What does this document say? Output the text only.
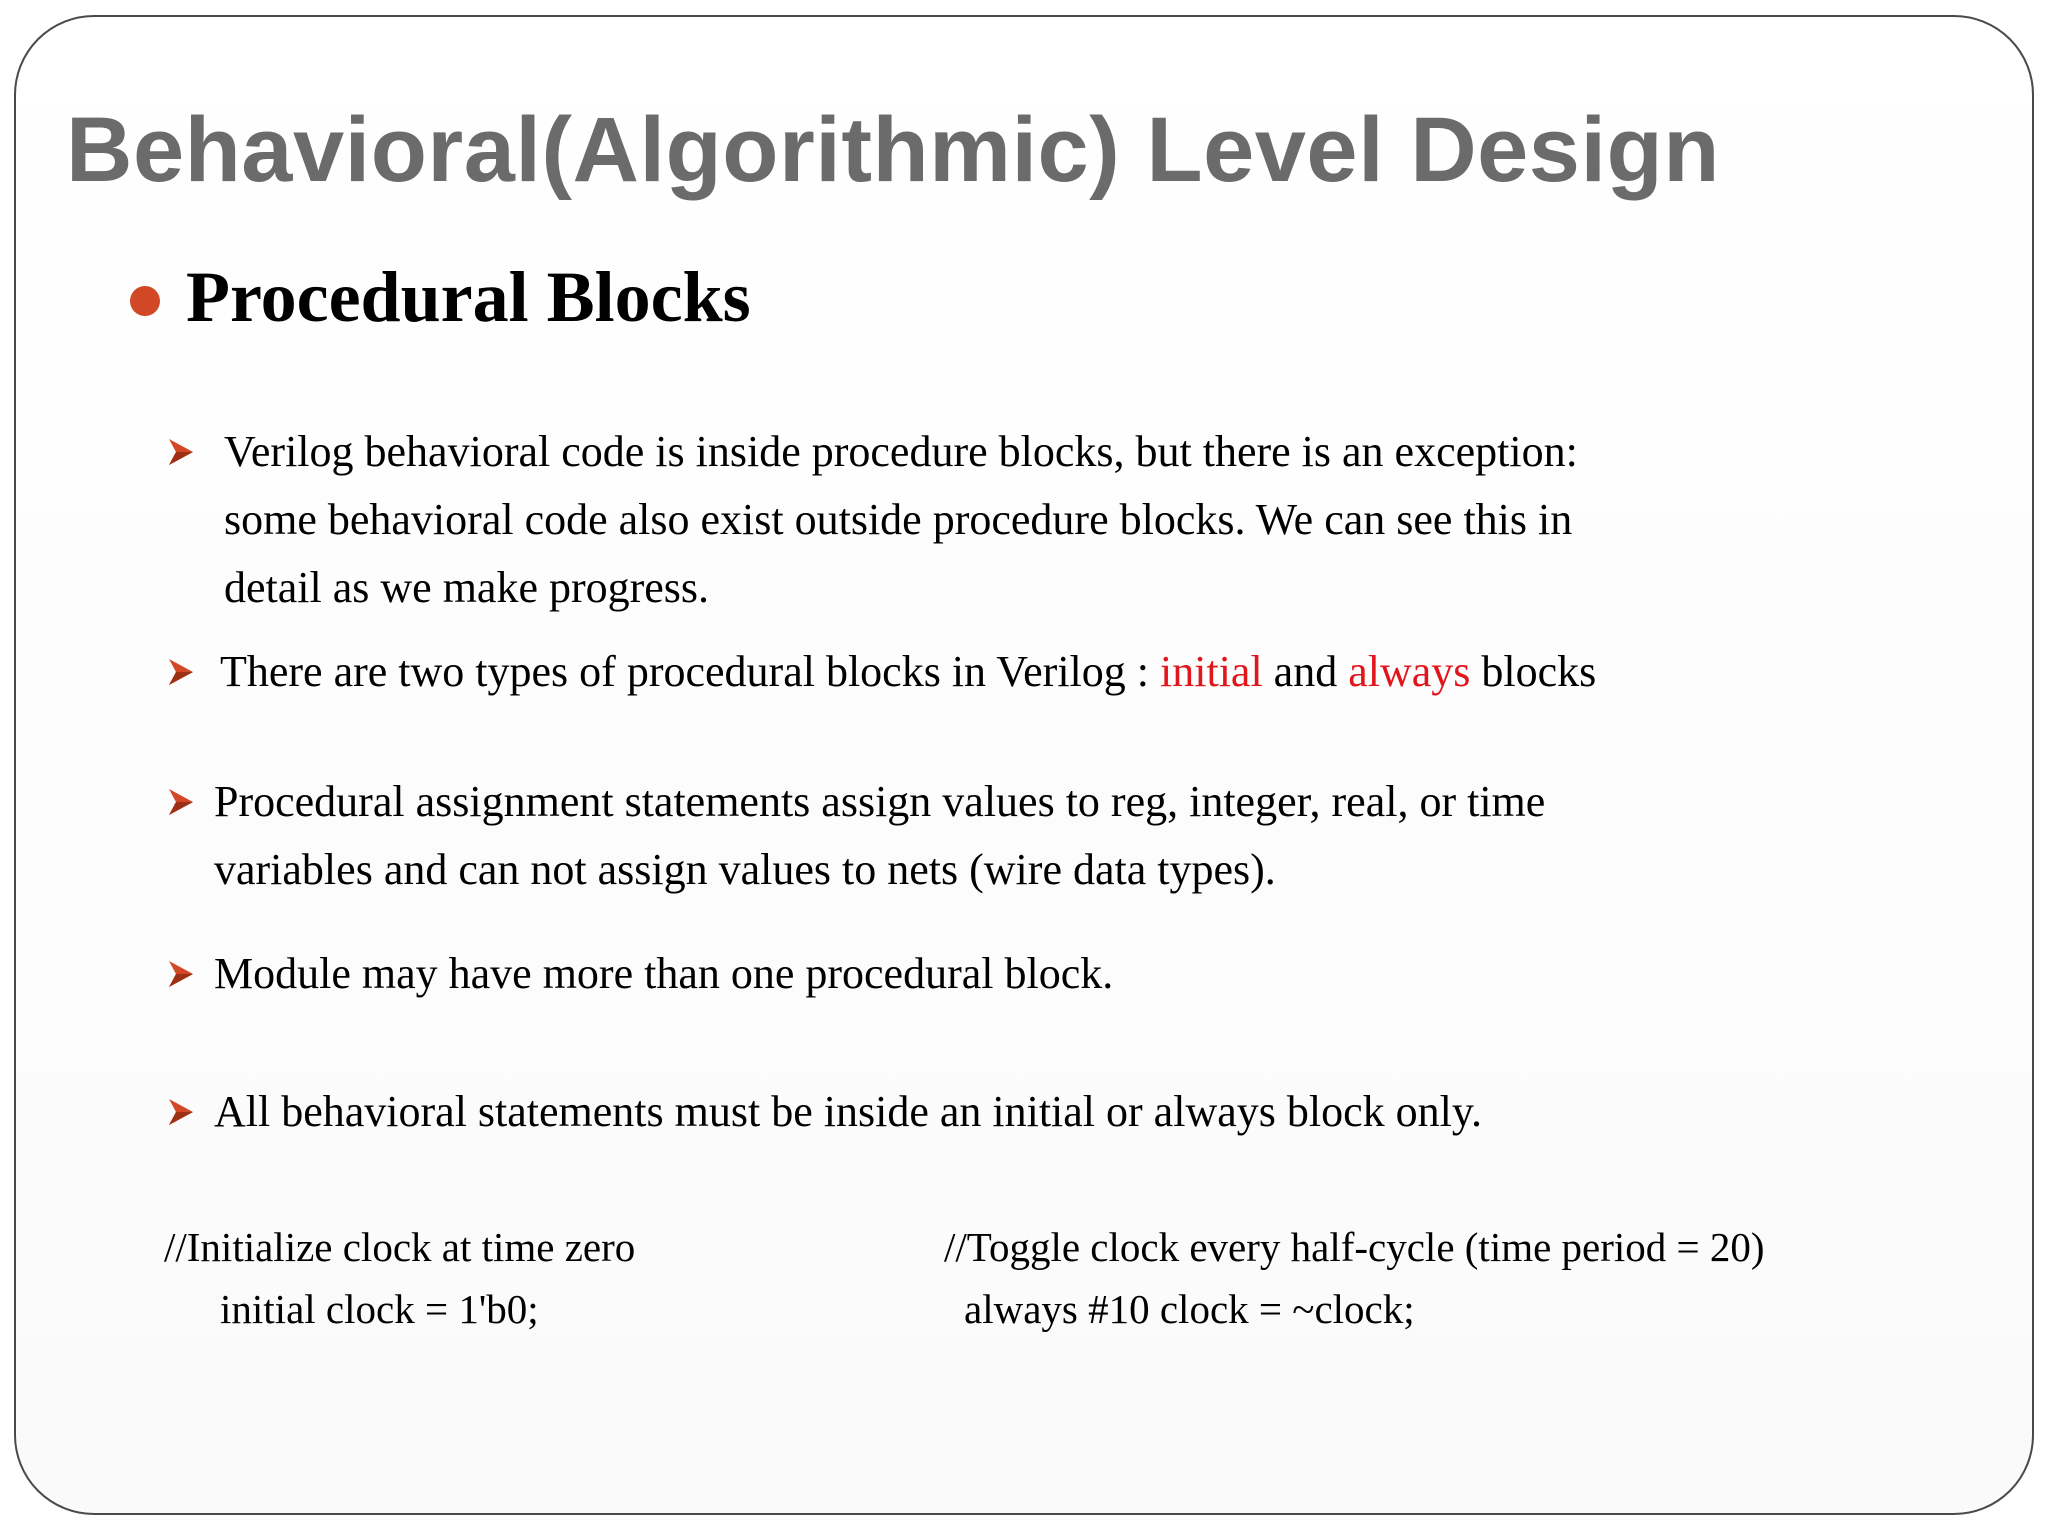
Behavioral(Algorithmic) Level Design
Procedural Blocks
Verilog behavioral code is inside procedure blocks, but there is an exception:
some behavioral code also exist outside procedure blocks. We can see this in
detail as we make progress.
There are two types of procedural blocks in Verilog : initial and always blocks
Procedural assignment statements assign values to reg, integer, real, or time
variables and can not assign values to nets (wire data types).
Module may have more than one procedural block.
All behavioral statements must be inside an initial or always block only.
//Initialize clock at time zero
initial clock = 1'b0;
//Toggle clock every half-cycle (time period = 20)
always #10 clock = ~clock;
